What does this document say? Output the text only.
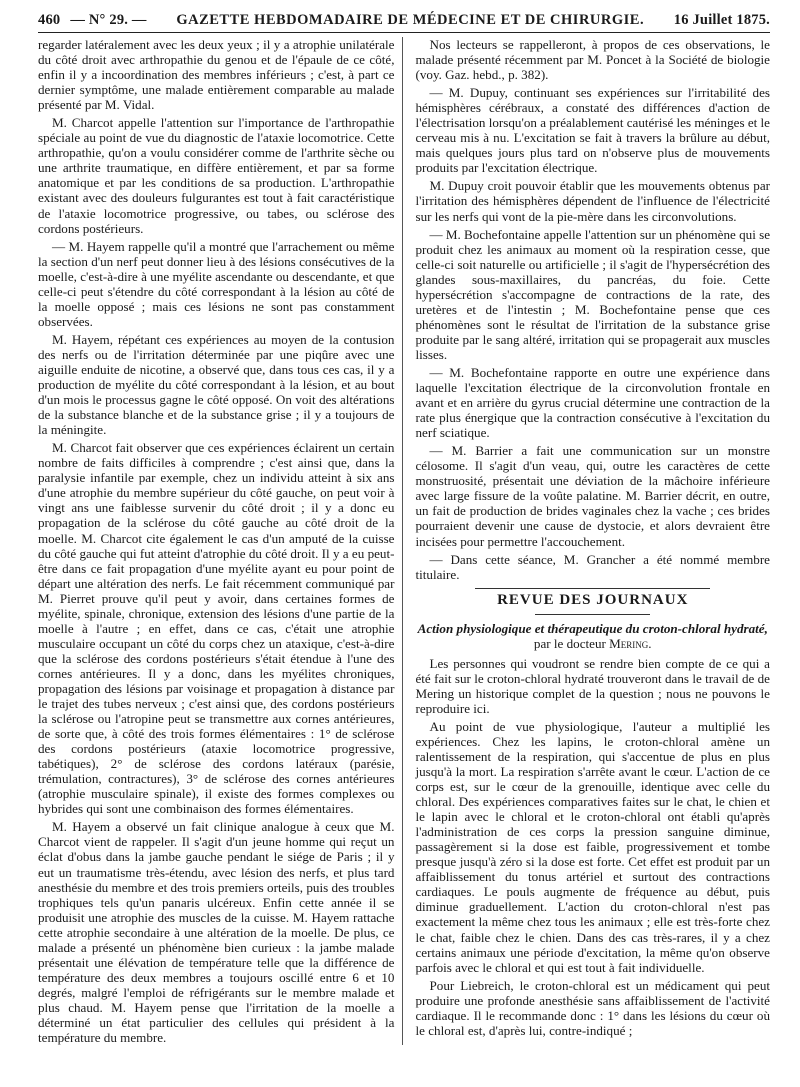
460 — N° 29. — GAZETTE HEBDOMADAIRE DE MÉDECINE ET DE CHIRURGIE. 16 Juillet 1875.

regarder latéralement avec les deux yeux ; il y a atrophie unilatérale du côté droit avec arthropathie du genou et de l'épaule de ce côté, enfin il y a incoordination des membres inférieurs ; c'est, à part ce dernier symptôme, une malade entièrement comparable au malade présenté par M. Vidal.

M. Charcot appelle l'attention sur l'importance de l'arthropathie spéciale au point de vue du diagnostic de l'ataxie locomotrice. Cette arthropathie, qu'on a voulu considérer comme de l'arthrite sèche ou une arthrite traumatique, en diffère entièrement, et par sa forme anatomique et par les conditions de sa production. L'arthropathie existant avec des douleurs fulgurantes est tout à fait caractéristique de l'ataxie locomotrice progressive, ou tabes, ou sclérose des cordons postérieurs.

— M. Hayem rappelle qu'il a montré que l'arrachement ou même la section d'un nerf peut donner lieu à des lésions consécutives de la moelle, c'est-à-dire à une myélite ascendante ou descendante, et que celle-ci peut s'étendre du côté correspondant à la lésion au côté de la moelle opposé ; mais ces lésions ne sont pas constamment observées.

M. Hayem, répétant ces expériences au moyen de la contusion des nerfs ou de l'irritation déterminée par une piqûre avec une aiguille enduite de nicotine, a observé que, dans tous ces cas, il y a production de myélite du côté correspondant à la lésion, et au bout d'un mois le processus gagne le côté opposé. On voit des altérations de la substance blanche et de la substance grise ; il y a toujours de la méningite.

M. Charcot fait observer que ces expériences éclairent un certain nombre de faits difficiles à comprendre ; c'est ainsi que, dans la paralysie infantile par exemple, chez un individu atteint à six ans d'une atrophie du membre supérieur du côté gauche, on peut voir à vingt ans une faiblesse survenir du côté droit ; il y a donc eu propagation de la sclérose du côté gauche au côté droit de la moelle. M. Charcot cite également le cas d'un amputé de la cuisse du côté gauche qui fut atteint d'atrophie du côté droit. Il y a eu peut-être dans ce fait propagation d'une myélite ayant eu pour point de départ une altération des nerfs. Le fait récemment communiqué par M. Pierret prouve qu'il peut y avoir, dans certaines formes de myélite, spinale, chronique, extension des lésions d'une partie de la moelle à l'autre ; en effet, dans ce cas, c'était une atrophie musculaire occupant un côté du corps chez un ataxique, c'est-à-dire que la sclérose des cordons postérieurs s'était étendue à l'une des cornes antérieures. Il y a donc, dans les myélites chroniques, propagation des lésions par voisinage et propagation à distance par le trajet des tubes nerveux ; c'est ainsi que, des cordons postérieurs la sclérose ou l'atropine peut se transmettre aux cornes antérieures, de sorte que, à côté des trois formes élémentaires : 1° de sclérose des cordons postérieurs (ataxie locomotrice progressive, tabétiques), 2° de sclérose des cordons latéraux (parésie, trémulation, contractures), 3° de sclérose des cornes antérieures (atrophie musculaire spinale), il existe des formes complexes ou hybrides qui sont une combinaison des formes élémentaires.

M. Hayem a observé un fait clinique analogue à ceux que M. Charcot vient de rappeler. Il s'agit d'un jeune homme qui reçut un éclat d'obus dans la jambe gauche pendant le siége de Paris ; il y eut un traumatisme très-étendu, avec lésion des nerfs, et plus tard anesthésie du membre et des trois premiers orteils, puis des troubles trophiques tels qu'un panaris ulcéreux. Enfin cette année il se produisit une atrophie des muscles de la cuisse. M. Hayem rattache cette atrophie secondaire à une altération de la moelle. De plus, ce malade a présenté un phénomène bien curieux : la jambe malade présentait une élévation de température telle que la différence de température des deux membres a toujours oscillé entre 6 et 10 degrés, malgré l'emploi de réfrigérants sur le membre malade et plus chaud. M. Hayem pense que l'irritation de la moelle a déterminé un état particulier des cellules qui président à la température du membre.

Nos lecteurs se rappelleront, à propos de ces observations, le malade présenté récemment par M. Poncet à la Société de biologie (voy. Gaz. hebd., p. 382).

— M. Dupuy, continuant ses expériences sur l'irritabilité des hémisphères cérébraux, a constaté des différences d'action de l'électrisation lorsqu'on a préalablement cautérisé les méninges et le cerveau mis à nu. L'excitation se fait à travers la brûlure au début, mais quelques jours plus tard on n'observe plus de mouvements produits par l'excitation électrique.

M. Dupuy croit pouvoir établir que les mouvements obtenus par l'irritation des hémisphères dépendent de l'influence de l'électricité sur les nerfs qui vont de la pie-mère dans les circonvolutions.

— M. Bochefontaine appelle l'attention sur un phénomène qui se produit chez les animaux au moment où la respiration cesse, que celle-ci soit naturelle ou artificielle ; il s'agit de l'hypersécrétion des glandes sous-maxillaires, du pancréas, du foie. Cette hypersécrétion s'accompagne de contractions de la rate, des uretères et de l'intestin ; M. Bochefontaine pense que ces phénomènes sont le résultat de l'irritation de la substance grise produite par le sang altéré, irritation qui se propagerait aux muscles lisses.

— M. Bochefontaine rapporte en outre une expérience dans laquelle l'excitation électrique de la circonvolution frontale en avant et en arrière du gyrus crucial détermine une contraction de la rate plus énergique que la contraction consécutive à l'excitation du nerf sciatique.

— M. Barrier a fait une communication sur un monstre célosome. Il s'agit d'un veau, qui, outre les caractères de cette monstruosité, présentait une déviation de la mâchoire inférieure avec large fissure de la voûte palatine. M. Barrier décrit, en outre, un fait de production de brides vaginales chez la vache ; ces brides pourraient devenir une cause de dystocie, et alors devraient être incisées pour permettre l'accouchement.

— Dans cette séance, M. Grancher a été nommé membre titulaire.

REVUE DES JOURNAUX
Action physiologique et thérapeutique du croton-chloral hydraté, par le docteur Mering.

Les personnes qui voudront se rendre bien compte de ce qui a été fait sur le croton-chloral hydraté trouveront dans le travail de de Mering un historique complet de la question ; nous ne pouvons le reproduire ici.

Au point de vue physiologique, l'auteur a multiplié les expériences. Chez les lapins, le croton-chloral amène un ralentissement de la respiration, qui s'accentue de plus en plus jusqu'à la mort. La respiration s'arrête avant le cœur. L'action de ce corps est, sur le cœur de la grenouille, identique avec celle du chloral. Des expériences comparatives faites sur le chat, le chien et le lapin avec le chloral et le croton-chloral ont établi qu'après l'administration de ces corps la pression sanguine diminue, passagèrement si la dose est faible, progressivement et tombe presque jusqu'à zéro si la dose est forte. Cet effet est produit par un affaiblissement du tonus artériel et surtout des contractions cardiaques. Le pouls augmente de fréquence au début, puis diminue graduellement. L'action du croton-chloral n'est pas exactement la même chez tous les animaux ; elle est très-forte chez le chat, faible chez le chien. Dans des cas très-rares, il y a chez certains animaux une période d'excitation, la même qu'on observe parfois avec le chloral et qui est tout à fait individuelle.

Pour Liebreich, le croton-chloral est un médicament qui peut produire une profonde anesthésie sans affaiblissement de l'activité cardiaque. Il le recommande donc : 1° dans les lésions du cœur où le chloral est, d'après lui, contre-indiqué ;
